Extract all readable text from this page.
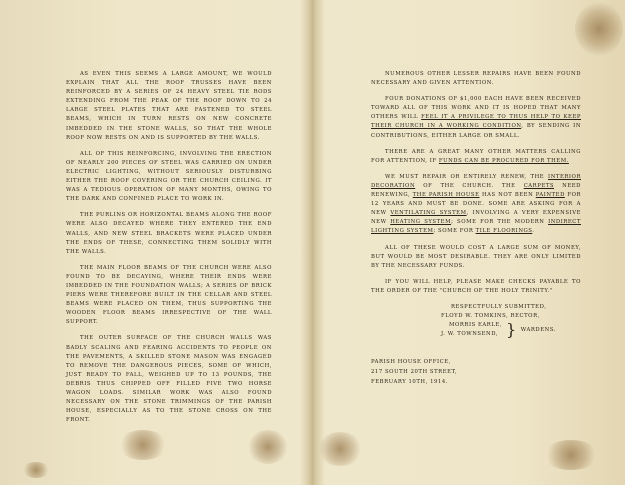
AS EVEN THIS SEEMS A LARGE AMOUNT, WE WOULD EXPLAIN THAT ALL THE ROOF TRUSSES HAVE BEEN REINFORCED BY A SERIES OF 24 HEAVY STEEL TIE RODS EXTENDING FROM THE PEAK OF THE ROOF DOWN TO 24 LARGE STEEL PLATES THAT ARE FASTENED TO STEEL BEAMS, WHICH IN TURN RESTS ON NEW CONCRETE IMBEDDED IN THE STONE WALLS, SO THAT THE WHOLE ROOF NOW RESTS ON AND IS SUPPORTED BY THE WALLS.

ALL OF THIS REINFORCING, INVOLVING THE ERECTION OF NEARLY 200 PIECES OF STEEL WAS CARRIED ON UNDER ELECTRIC LIGHTING, WITHOUT SERIOUSLY DISTURBING EITHER THE ROOF COVERING OR THE CHURCH CEILING. IT WAS A TEDIOUS OPERATION OF MANY MONTHS, OWING TO THE DARK AND CONFINED PLACE TO WORK IN.

THE PURLINS OR HORIZONTAL BEAMS ALONG THE ROOF WERE ALSO DECAYED WHERE THEY ENTERED THE END WALLS, AND NEW STEEL BRACKETS WERE PLACED UNDER THE ENDS OF THESE, CONNECTING THEM SOLIDLY WITH THE WALLS.

THE MAIN FLOOR BEAMS OF THE CHURCH WERE ALSO FOUND TO BE DECAYING, WHERE THEIR ENDS WERE IMBEDDED IN THE FOUNDATION WALLS; A SERIES OF BRICK PIERS WERE THEREFORE BUILT IN THE CELLAR AND STEEL BEAMS WERE PLACED ON THEM, THUS SUPPORTING THE WOODEN FLOOR BEAMS IRRESPECTIVE OF THE WALL SUPPORT.

THE OUTER SURFACE OF THE CHURCH WALLS WAS BADLY SCALING AND FEARING ACCIDENTS TO PEOPLE ON THE PAVEMENTS, A SKILLED STONE MASON WAS ENGAGED TO REMOVE THE DANGEROUS PIECES, SOME OF WHICH, JUST READY TO FALL, WEIGHED UP TO 13 POUNDS, THE DEBRIS THUS CHIPPED OFF FILLED FIVE TWO HORSE WAGON LOADS. SIMILAR WORK WAS ALSO FOUND NECESSARY ON THE STONE TRIMMINGS OF THE PARISH HOUSE, ESPECIALLY AS TO THE STONE CROSS ON THE FRONT.

NUMEROUS OTHER LESSER REPAIRS HAVE BEEN FOUND NECESSARY AND GIVEN ATTENTION.

FOUR DONATIONS OF $1,000 EACH HAVE BEEN RECEIVED TOWARD ALL OF THIS WORK AND IT IS HOPED THAT MANY OTHERS WILL FEEL IT A PRIVILEGE TO THUS HELP TO KEEP THEIR CHURCH IN A WORKING CONDITION, BY SENDING IN CONTRIBUTIONS, EITHER LARGE OR SMALL.

THERE ARE A GREAT MANY OTHER MATTERS CALLING FOR ATTENTION, IF FUNDS CAN BE PROCURED FOR THEM.

WE MUST REPAIR OR ENTIRELY RENEW, THE INTERIOR DECORATION OF THE CHURCH. THE CARPETS NEED RENEWING, THE PARISH HOUSE HAS NOT BEEN PAINTED FOR 12 YEARS AND MUST BE DONE. SOME ARE ASKING FOR A NEW VENTILATING SYSTEM, INVOLVING A VERY EXPENSIVE NEW HEATING SYSTEM; SOME FOR THE MODERN INDIRECT LIGHTING SYSTEM; SOME FOR TILE FLOORINGS.

ALL OF THESE WOULD COST A LARGE SUM OF MONEY, BUT WOULD BE MOST DESIRABLE. THEY ARE ONLY LIMITED BY THE NECESSARY FUNDS.

IF YOU WILL HELP, PLEASE MAKE CHECKS PAYABLE TO THE ORDER OF THE "CHURCH OF THE HOLY TRINITY."

RESPECTFULLY SUBMITTED,
FLOYD W. TOMKINS, RECTOR,
MORRIS EARLE,
J. W. TOWNSEND, } WARDENS.
PARISH HOUSE OFFICE,
217 SOUTH 20TH STREET,
FEBRUARY 10TH, 1914.
